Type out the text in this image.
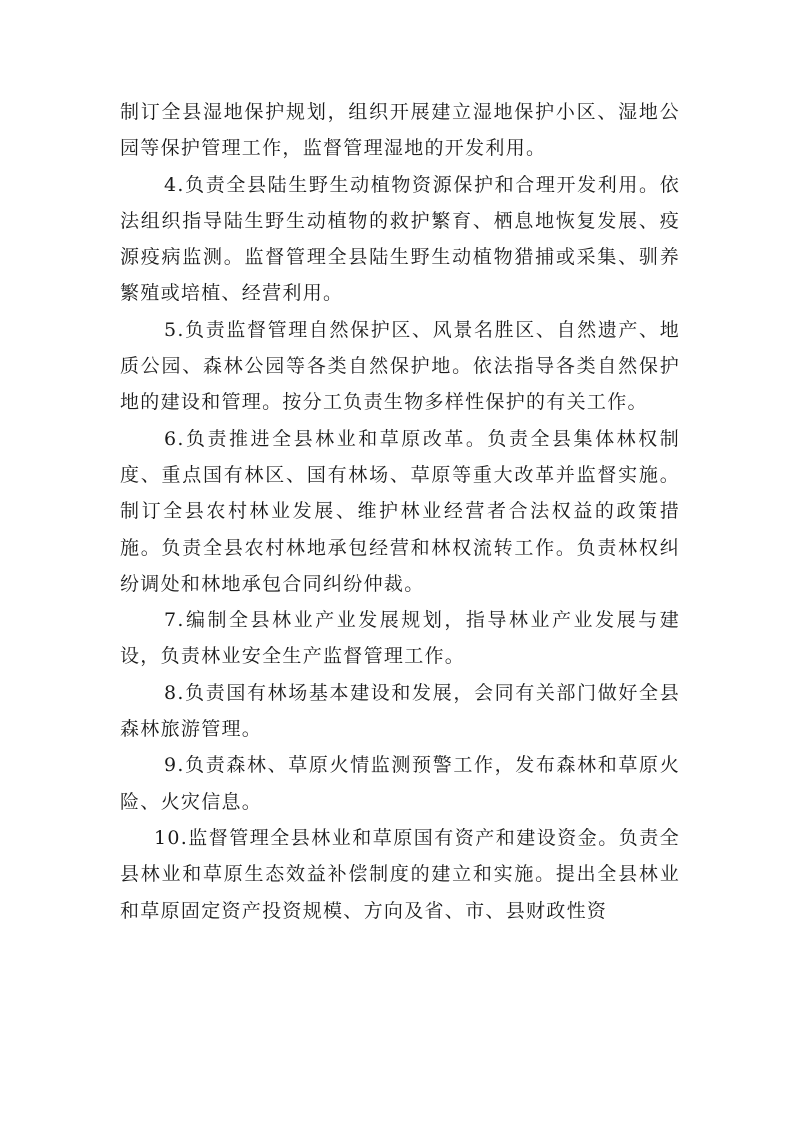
制订全县湿地保护规划，组织开展建立湿地保护小区、湿地公园等保护管理工作，监督管理湿地的开发利用。

4.负责全县陆生野生动植物资源保护和合理开发利用。依法组织指导陆生野生动植物的救护繁育、栖息地恢复发展、疫源疫病监测。监督管理全县陆生野生动植物猎捕或采集、驯养繁殖或培植、经营利用。

5.负责监督管理自然保护区、风景名胜区、自然遗产、地质公园、森林公园等各类自然保护地。依法指导各类自然保护地的建设和管理。按分工负责生物多样性保护的有关工作。

6.负责推进全县林业和草原改革。负责全县集体林权制度、重点国有林区、国有林场、草原等重大改革并监督实施。制订全县农村林业发展、维护林业经营者合法权益的政策措施。负责全县农村林地承包经营和林权流转工作。负责林权纠纷调处和林地承包合同纠纷仲裁。

7.编制全县林业产业发展规划，指导林业产业发展与建设，负责林业安全生产监督管理工作。

8.负责国有林场基本建设和发展，会同有关部门做好全县森林旅游管理。

9.负责森林、草原火情监测预警工作，发布森林和草原火险、火灾信息。

10.监督管理全县林业和草原国有资产和建设资金。负责全县林业和草原生态效益补偿制度的建立和实施。提出全县林业和草原固定资产投资规模、方向及省、市、县财政性资
